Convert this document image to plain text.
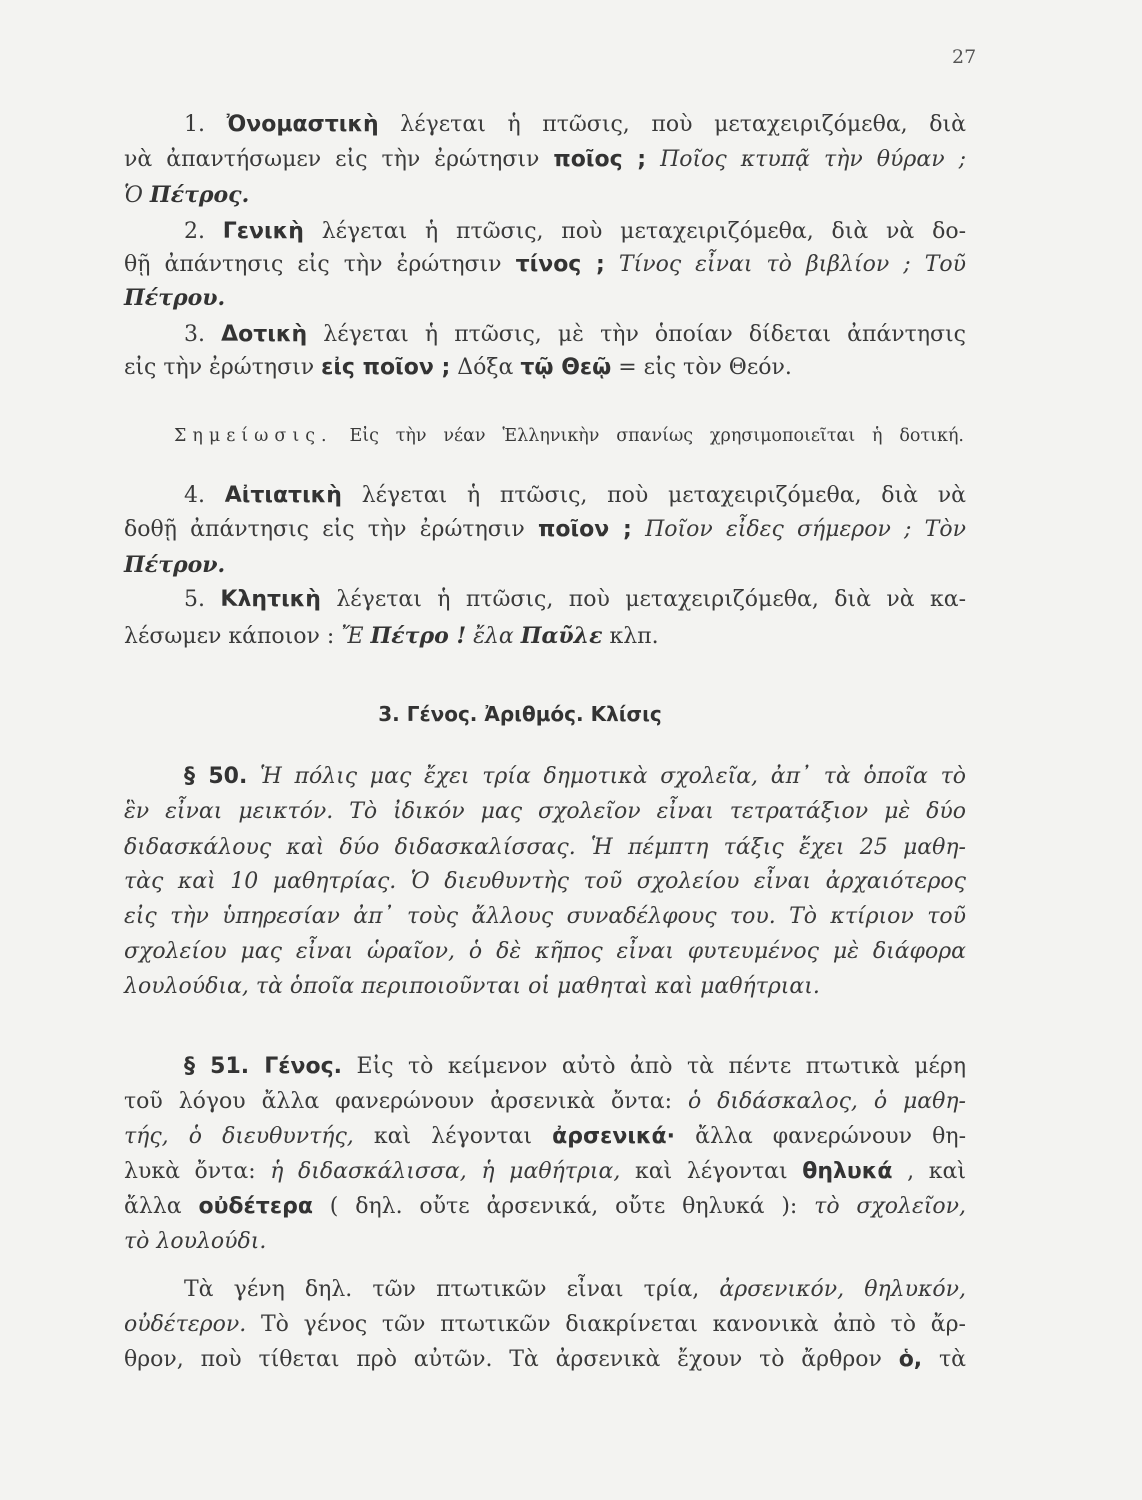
27
1. Ὀνομαστικὴ λέγεται ἡ πτῶσις, ποὺ μεταχειριζόμεθα, διὰ
νὰ ἀπαντήσωμεν εἰς τὴν ἐρώτησιν ποῖος ; Ποῖος κτυπᾷ τὴν θύραν ;
Ὁ Πέτρος.
2. Γενικὴ λέγεται ἡ πτῶσις, ποὺ μεταχειριζόμεθα, διὰ νὰ δο-
θῇ ἀπάντησις εἰς τὴν ἐρώτησιν τίνος ; Τίνος εἶναι τὸ βιβλίον ; Τοῦ
Πέτρου.
3. Δοτικὴ λέγεται ἡ πτῶσις, μὲ τὴν ὁποίαν δίδεται ἀπάντησις
εἰς τὴν ἐρώτησιν εἰς ποῖον ; Δόξα τῷ Θεῷ = εἰς τὸν Θεόν.
Σημείωσις. Εἰς τὴν νέαν Ἑλληνικὴν σπανίως χρησιμοποιεῖται ἡ δοτική.
4. Αἰτιατικὴ λέγεται ἡ πτῶσις, ποὺ μεταχειριζόμεθα, διὰ νὰ
δοθῇ ἀπάντησις εἰς τὴν ἐρώτησιν ποῖον ; Ποῖον εἶδες σήμερον ; Τὸν
Πέτρον.
5. Κλητικὴ λέγεται ἡ πτῶσις, ποὺ μεταχειριζόμεθα, διὰ νὰ κα-
λέσωμεν κάποιον : Ἔ Πέτρο ! ἔλα Παῦλε κλπ.
3. Γένος. Ἀριθμός. Κλίσις
§ 50. Ἡ πόλις μας ἔχει τρία δημοτικὰ σχολεῖα, ἀπ᾿ τὰ ὁποῖα τὸ
ἓν εἶναι μεικτόν. Τὸ ἰδικόν μας σχολεῖον εἶναι τετρατάξιον μὲ δύο
διδασκάλους καὶ δύο διδασκαλίσσας. Ἡ πέμπτη τάξις ἔχει 25 μαθη-
τὰς καὶ 10 μαθητρίας. Ὁ διευθυντὴς τοῦ σχολείου εἶναι ἀρχαιότερος
εἰς τὴν ὑπηρεσίαν ἀπ᾿ τοὺς ἄλλους συναδέλφους του. Τὸ κτίριον τοῦ
σχολείου μας εἶναι ὡραῖον, ὁ δὲ κῆπος εἶναι φυτευμένος μὲ διάφορα
λουλούδια, τὰ ὁποῖα περιποιοῦνται οἱ μαθηταὶ καὶ μαθήτριαι.
§ 51. Γένος. Εἰς τὸ κείμενον αὐτὸ ἀπὸ τὰ πέντε πτωτικὰ μέρη
τοῦ λόγου ἄλλα φανερώνουν ἀρσενικὰ ὄντα: ὁ διδάσκαλος, ὁ μαθη-
τής, ὁ διευθυντής, καὶ λέγονται ἀρσενικά· ἄλλα φανερώνουν θη-
λυκὰ ὄντα: ἡ διδασκάλισσα, ἡ μαθήτρια, καὶ λέγονται θηλυκά , καὶ
ἄλλα οὐδέτερα ( δηλ. οὔτε ἀρσενικά, οὔτε θηλυκά ): τὸ σχολεῖον,
τὸ λουλούδι.
Τὰ γένη δηλ. τῶν πτωτικῶν εἶναι τρία, ἀρσενικόν, θηλυκόν,
οὐδέτερον. Τὸ γένος τῶν πτωτικῶν διακρίνεται κανονικὰ ἀπὸ τὸ ἄρ-
θρον, ποὺ τίθεται πρὸ αὐτῶν. Τὰ ἀρσενικὰ ἔχουν τὸ ἄρθρον ὁ, τὰ
